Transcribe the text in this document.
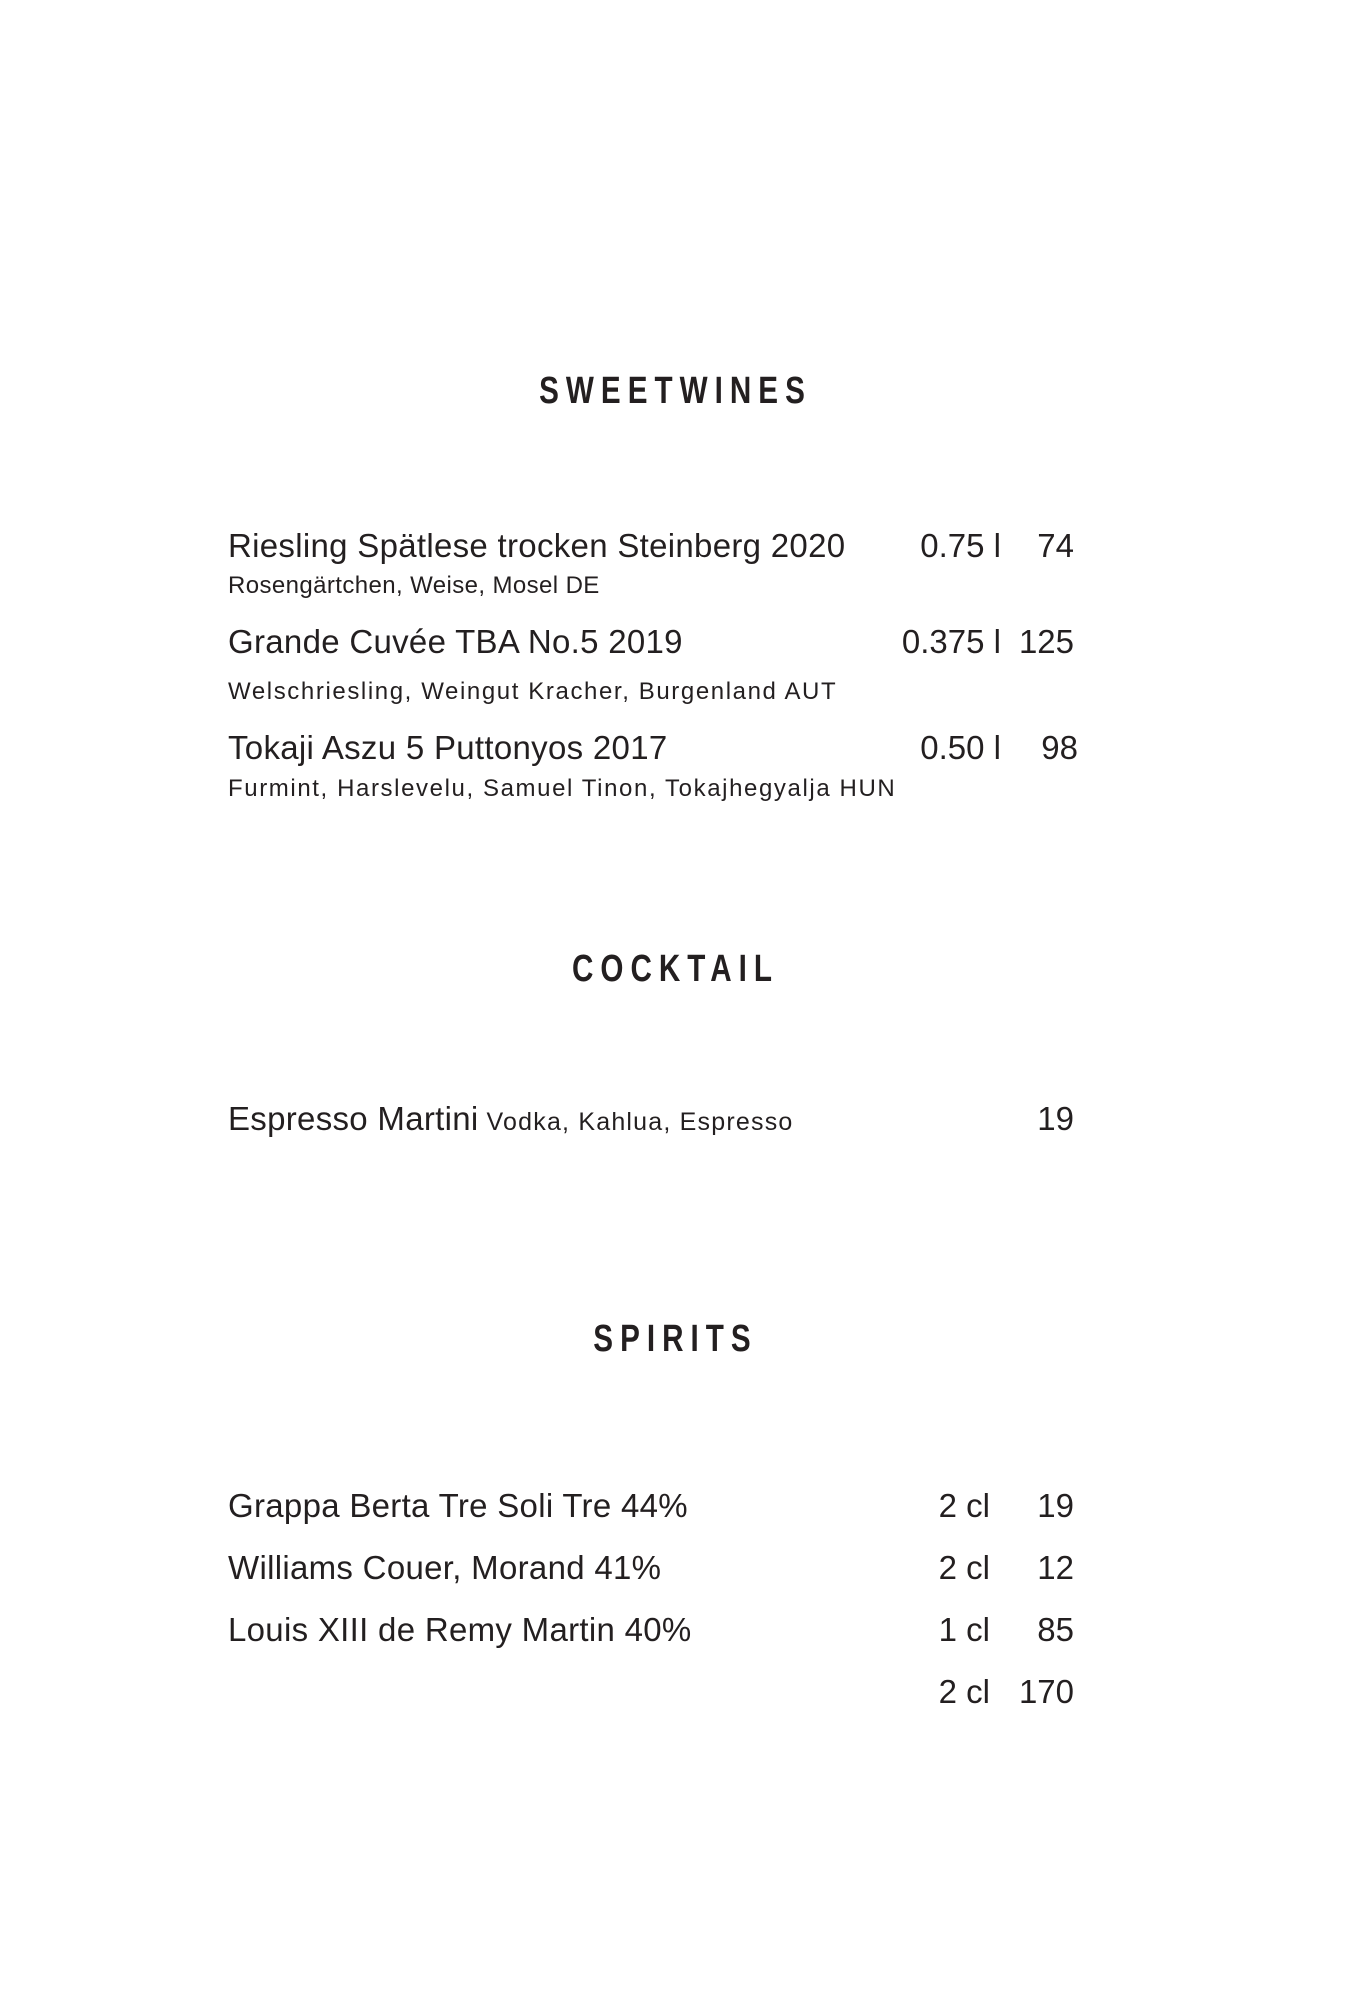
SWEETWINES
Riesling Spätlese trocken Steinberg 2020 0.75 l 74
Rosengärtchen, Weise, Mosel DE
Grande Cuvée TBA No.5 2019	0.375 l 125
Welschriesling, Weingut Kracher, Burgenland AUT
Tokaji Aszu 5 Puttonyos 2017	0.50 l 98
Furmint, Harslevelu, Samuel Tinon, Tokajhegyalja HUN
COCKTAIL
Espresso Martini Vodka, Kahlua, Espresso	19
SPIRITS
Grappa Berta Tre Soli Tre 44%	2 cl 19
Williams Couer, Morand 41%	2 cl 12
Louis XIII de Remy Martin 40%	1 cl 85
2 cl 170
